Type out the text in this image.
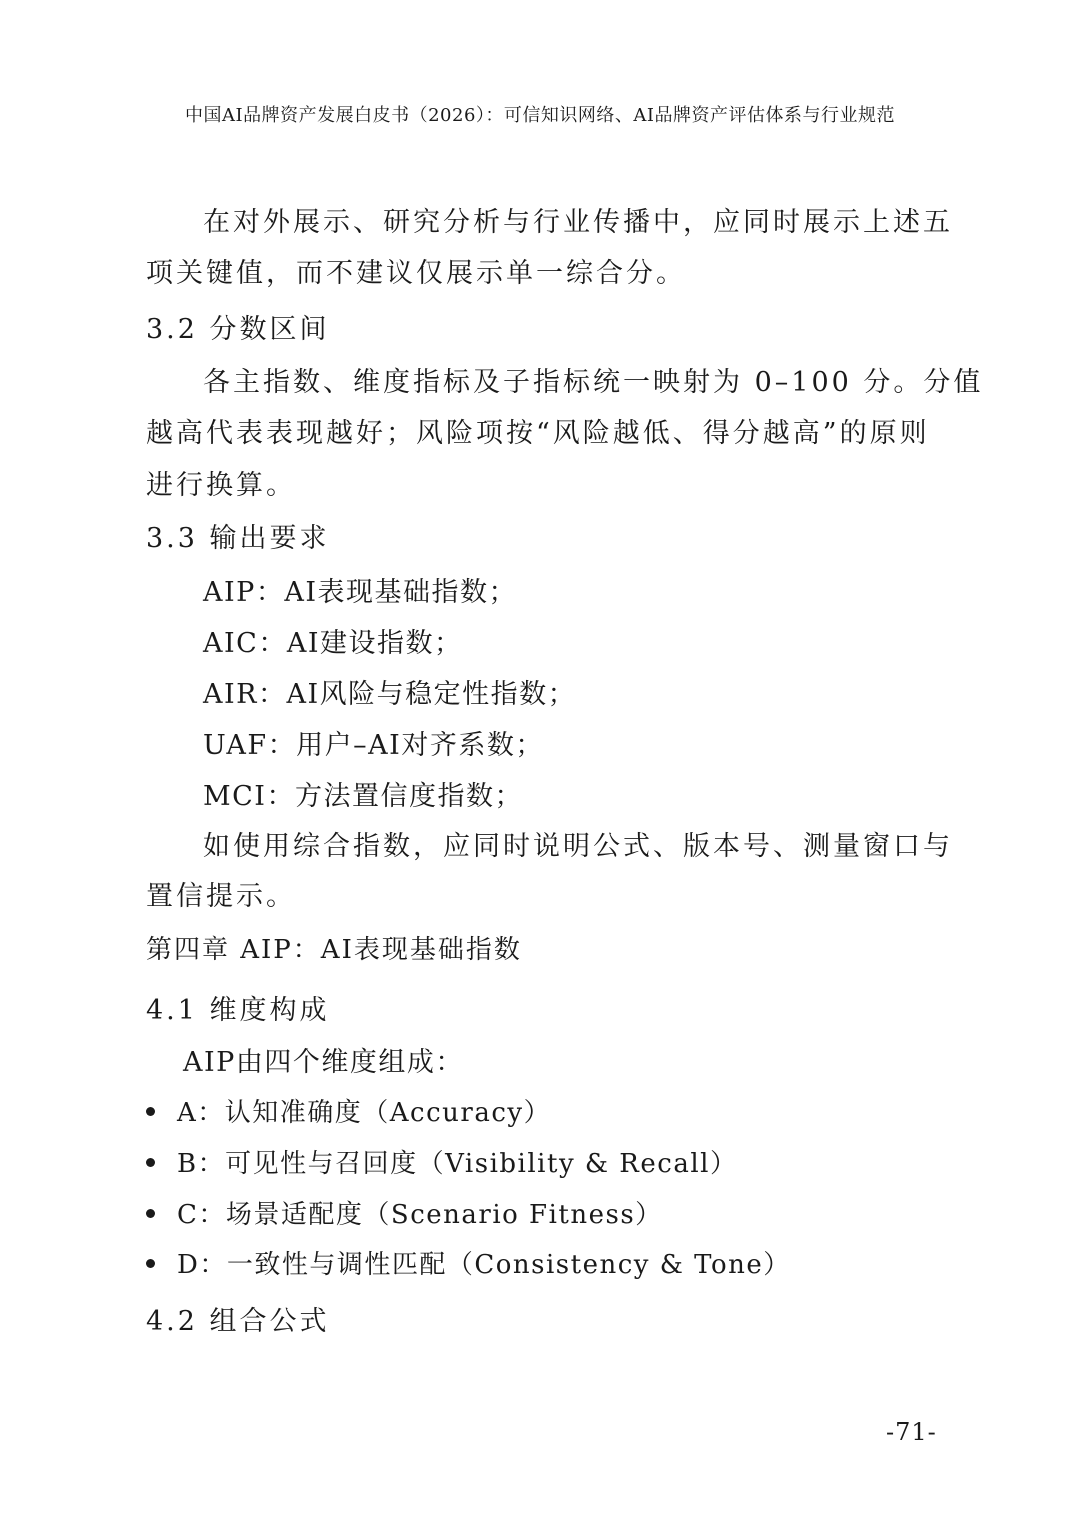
中国AI品牌资产发展白皮书（2026）：可信知识网络、AI品牌资产评估体系与行业规范
在对外展示、研究分析与行业传播中，应同时展示上述五
项关键值，而不建议仅展示单一综合分。
3.2 分数区间
各主指数、维度指标及子指标统一映射为 0–100 分。分值
越高代表表现越好；风险项按“风险越低、得分越高”的原则
进行换算。
3.3 输出要求
AIP：AI表现基础指数；
AIC：AI建设指数；
AIR：AI风险与稳定性指数；
UAF：用户–AI对齐系数；
MCI：方法置信度指数；
如使用综合指数，应同时说明公式、版本号、测量窗口与
置信提示。
第四章 AIP：AI表现基础指数
4.1 维度构成
AIP由四个维度组成：
A：认知准确度（Accuracy）
B：可见性与召回度（Visibility & Recall）
C：场景适配度（Scenario Fitness）
D：一致性与调性匹配（Consistency & Tone）
4.2 组合公式
-71-
